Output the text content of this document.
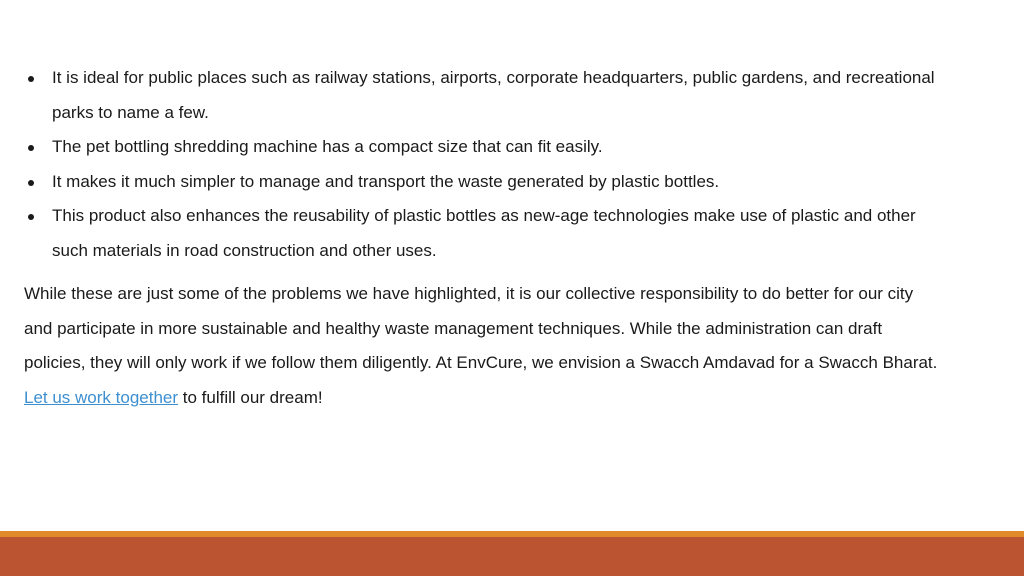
It is ideal for public places such as railway stations, airports, corporate headquarters, public gardens, and recreational parks to name a few.
The pet bottling shredding machine has a compact size that can fit easily.
It makes it much simpler to manage and transport the waste generated by plastic bottles.
This product also enhances the reusability of plastic bottles as new-age technologies make use of plastic and other such materials in road construction and other uses.

While these are just some of the problems we have highlighted, it is our collective responsibility to do better for our city and participate in more sustainable and healthy waste management techniques. While the administration can draft policies, they will only work if we follow them diligently. At EnvCure, we envision a Swacch Amdavad for a Swacch Bharat. Let us work together to fulfill our dream!
